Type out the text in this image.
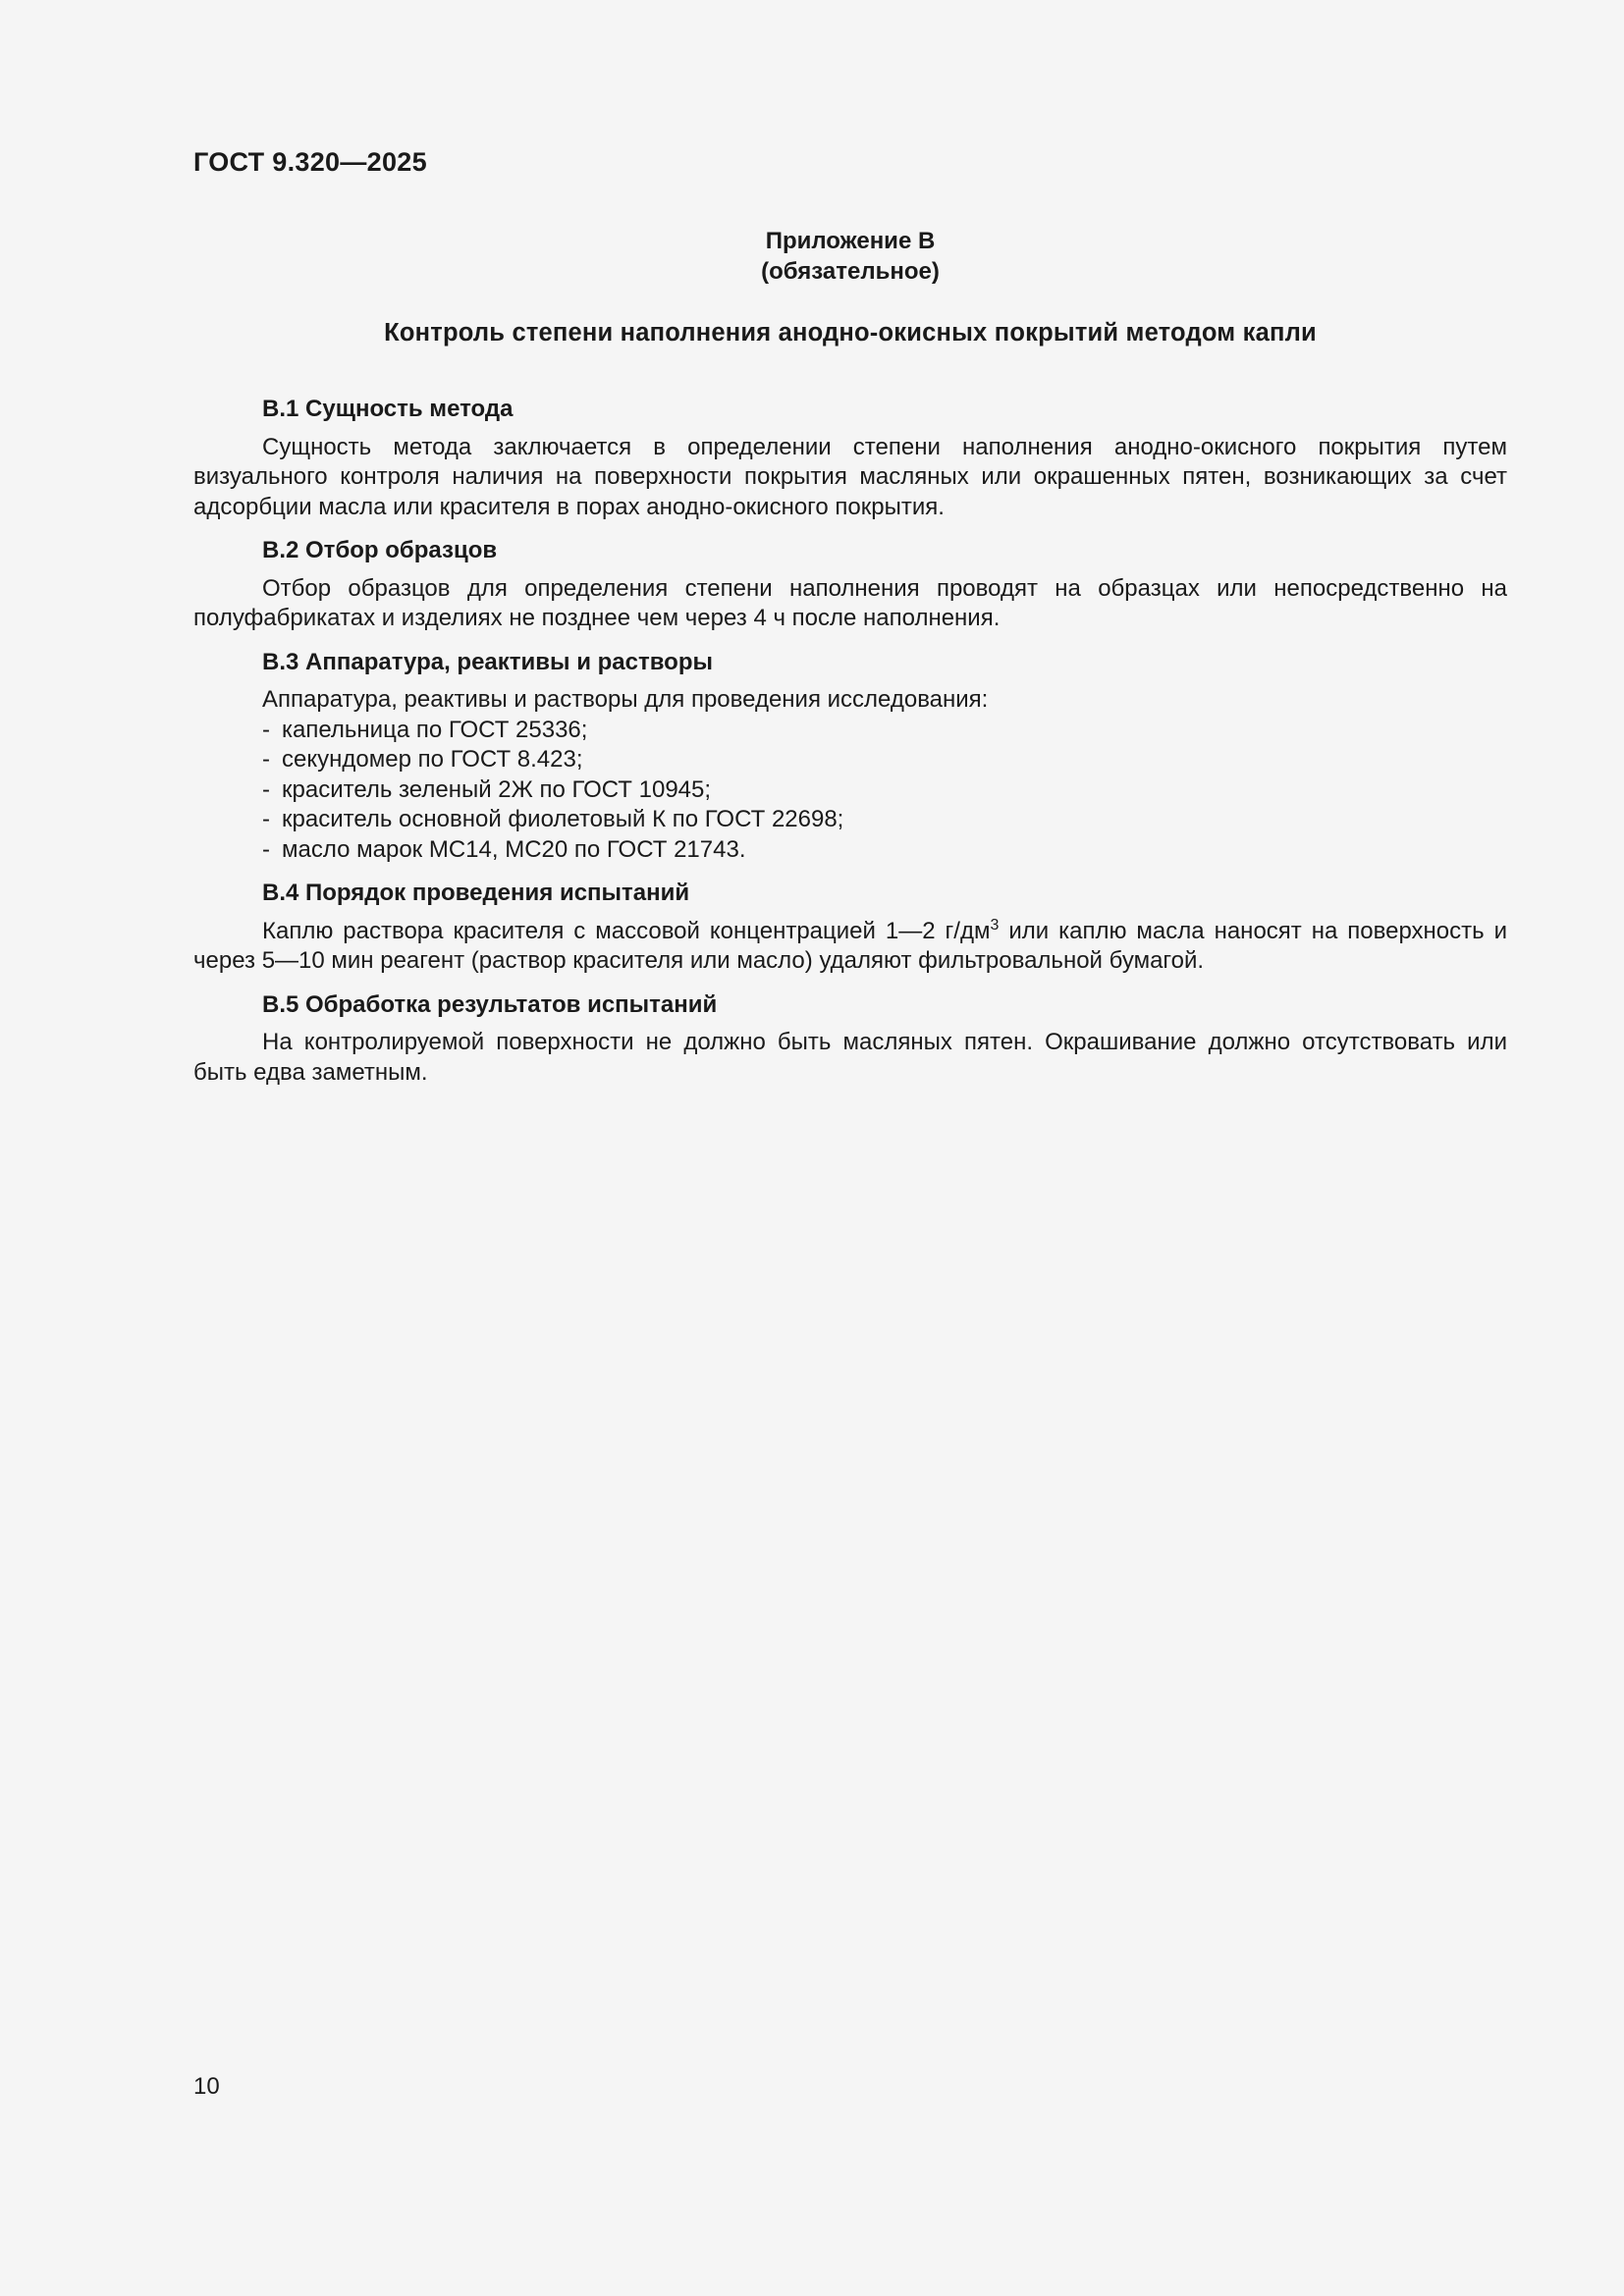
ГОСТ 9.320—2025
Приложение В
(обязательное)
Контроль степени наполнения анодно-окисных покрытий методом капли

В.1 Сущность метода

Сущность метода заключается в определении степени наполнения анодно-окисного покрытия путем визуального контроля наличия на поверхности покрытия масляных или окрашенных пятен, возникающих за счет адсорбции масла или красителя в порах анодно-окисного покрытия.

В.2 Отбор образцов

Отбор образцов для определения степени наполнения проводят на образцах или непосредственно на полуфабрикатах и изделиях не позднее чем через 4 ч после наполнения.

В.3 Аппаратура, реактивы и растворы

Аппаратура, реактивы и растворы для проведения исследования:

- капельница по ГОСТ 25336;
- секундомер по ГОСТ 8.423;
- краситель зеленый 2Ж по ГОСТ 10945;
- краситель основной фиолетовый К по ГОСТ 22698;
- масло марок МС14, МС20 по ГОСТ 21743.

В.4 Порядок проведения испытаний

Каплю раствора красителя с массовой концентрацией 1—2 $г/дм^3$ или каплю масла наносят на поверхность и через 5—10 мин реагент (раствор красителя или масло) удаляют фильтровальной бумагой.

В.5 Обработка результатов испытаний

На контролируемой поверхности не должно быть масляных пятен. Окрашивание должно отсутствовать или быть едва заметным.

10
